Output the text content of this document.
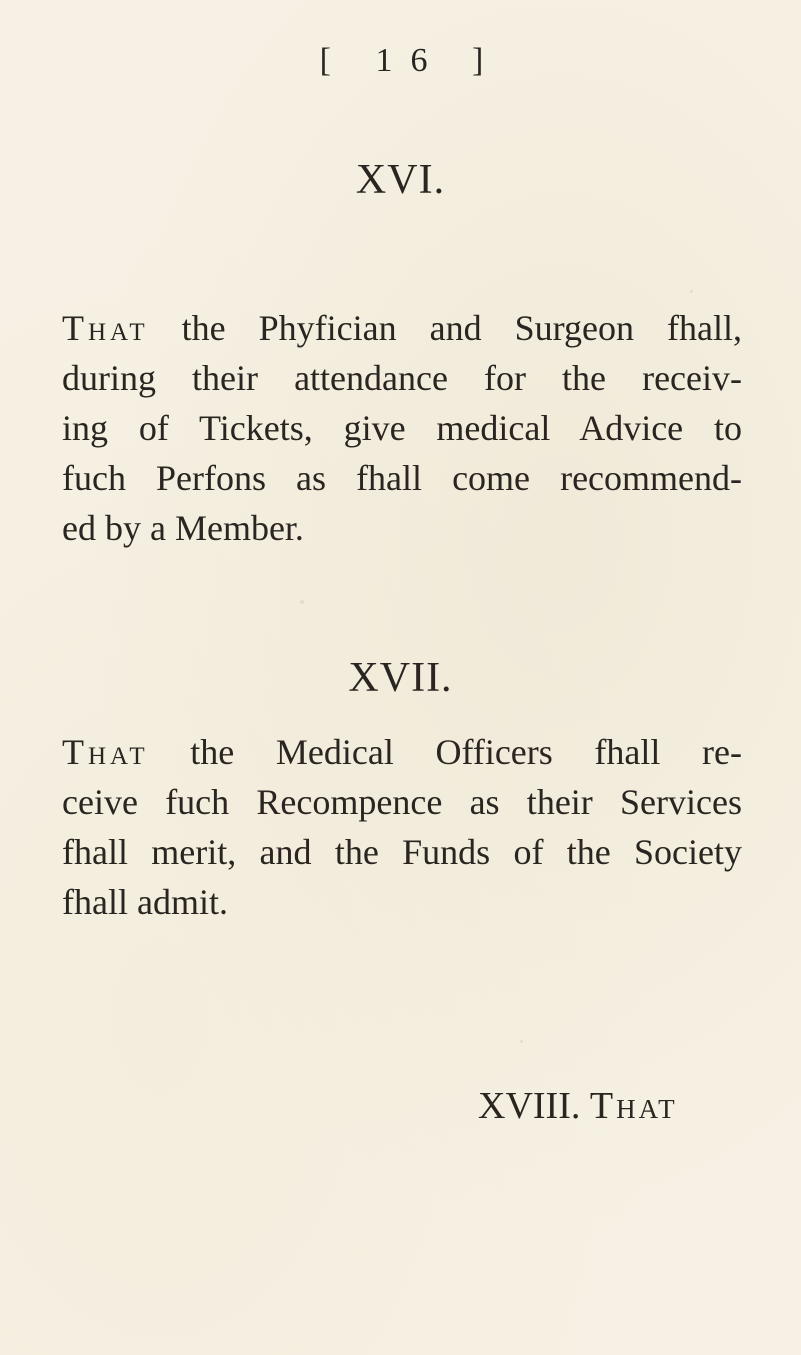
[ 16 ]
XVI.
That the Phyfician and Surgeon fhall,
during their attendance for the receiv-
ing of Tickets, give medical Advice to
fuch Perfons as fhall come recommend-
ed by a Member.
XVII.
That the Medical Officers fhall re-
ceive fuch Recompence as their Services
fhall merit, and the Funds of the Society
fhall admit.
XVIII. That
